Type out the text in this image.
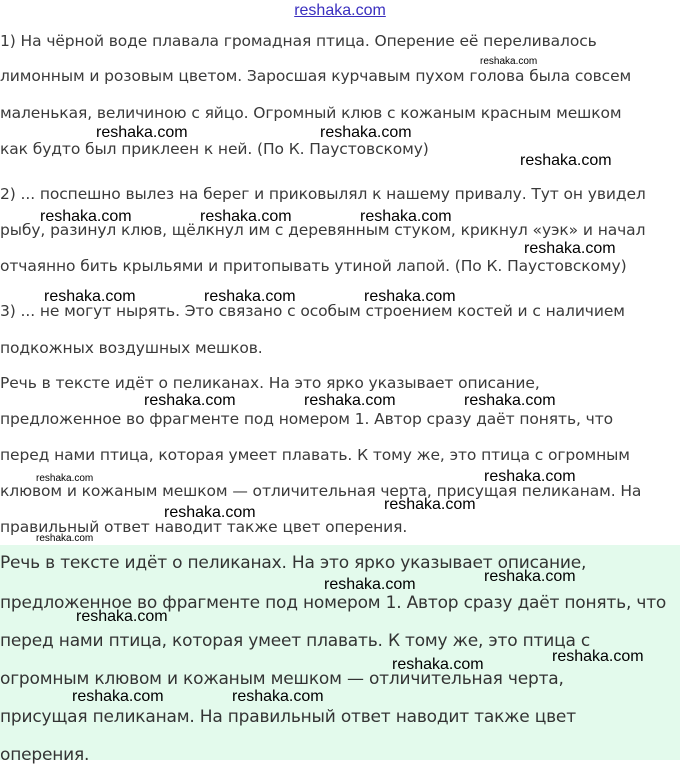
reshaka.com
1) На чёрной воде плавала громадная птица. Оперение её переливалось
лимонным и розовым цветом. Заросшая курчавым пухом голова была совсем
маленькая, величиною с яйцо. Огромный клюв с кожаным красным мешком
как будто был приклеен к ней. (По К. Паустовскому)
2) ... поспешно вылез на берег и приковылял к нашему привалу. Тут он увидел
рыбу, разинул клюв, щёлкнул им с деревянным стуком, крикнул «уэк» и начал
отчаянно бить крыльями и притопывать утиной лапой. (По К. Паустовскому)
3) ... не могут нырять. Это связано с особым строением костей и с наличием
подкожных воздушных мешков.
Речь в тексте идёт о пеликанах. На это ярко указывает описание,
предложенное во фрагменте под номером 1. Автор сразу даёт понять, что
перед нами птица, которая умеет плавать. К тому же, это птица с огромным
клювом и кожаным мешком — отличительная черта, присущая пеликанам. На
правильный ответ наводит также цвет оперения.
Речь в тексте идёт о пеликанах. На это ярко указывает описание,
предложенное во фрагменте под номером 1. Автор сразу даёт понять, что
перед нами птица, которая умеет плавать. К тому же, это птица с
огромным клювом и кожаным мешком — отличительная черта,
присущая пеликанам. На правильный ответ наводит также цвет
оперения.
reshaka.com
reshaka.com	reshaka.com
reshaka.com
reshaka.com	reshaka.com	reshaka.com
reshaka.com
reshaka.com	reshaka.com	reshaka.com
reshaka.com	reshaka.com	reshaka.com
reshaka.com	reshaka.com
reshaka.com	reshaka.com
reshaka.com
reshaka.com
reshaka.com
reshaka.com
reshaka.com	reshaka.com
reshaka.com	reshaka.com
